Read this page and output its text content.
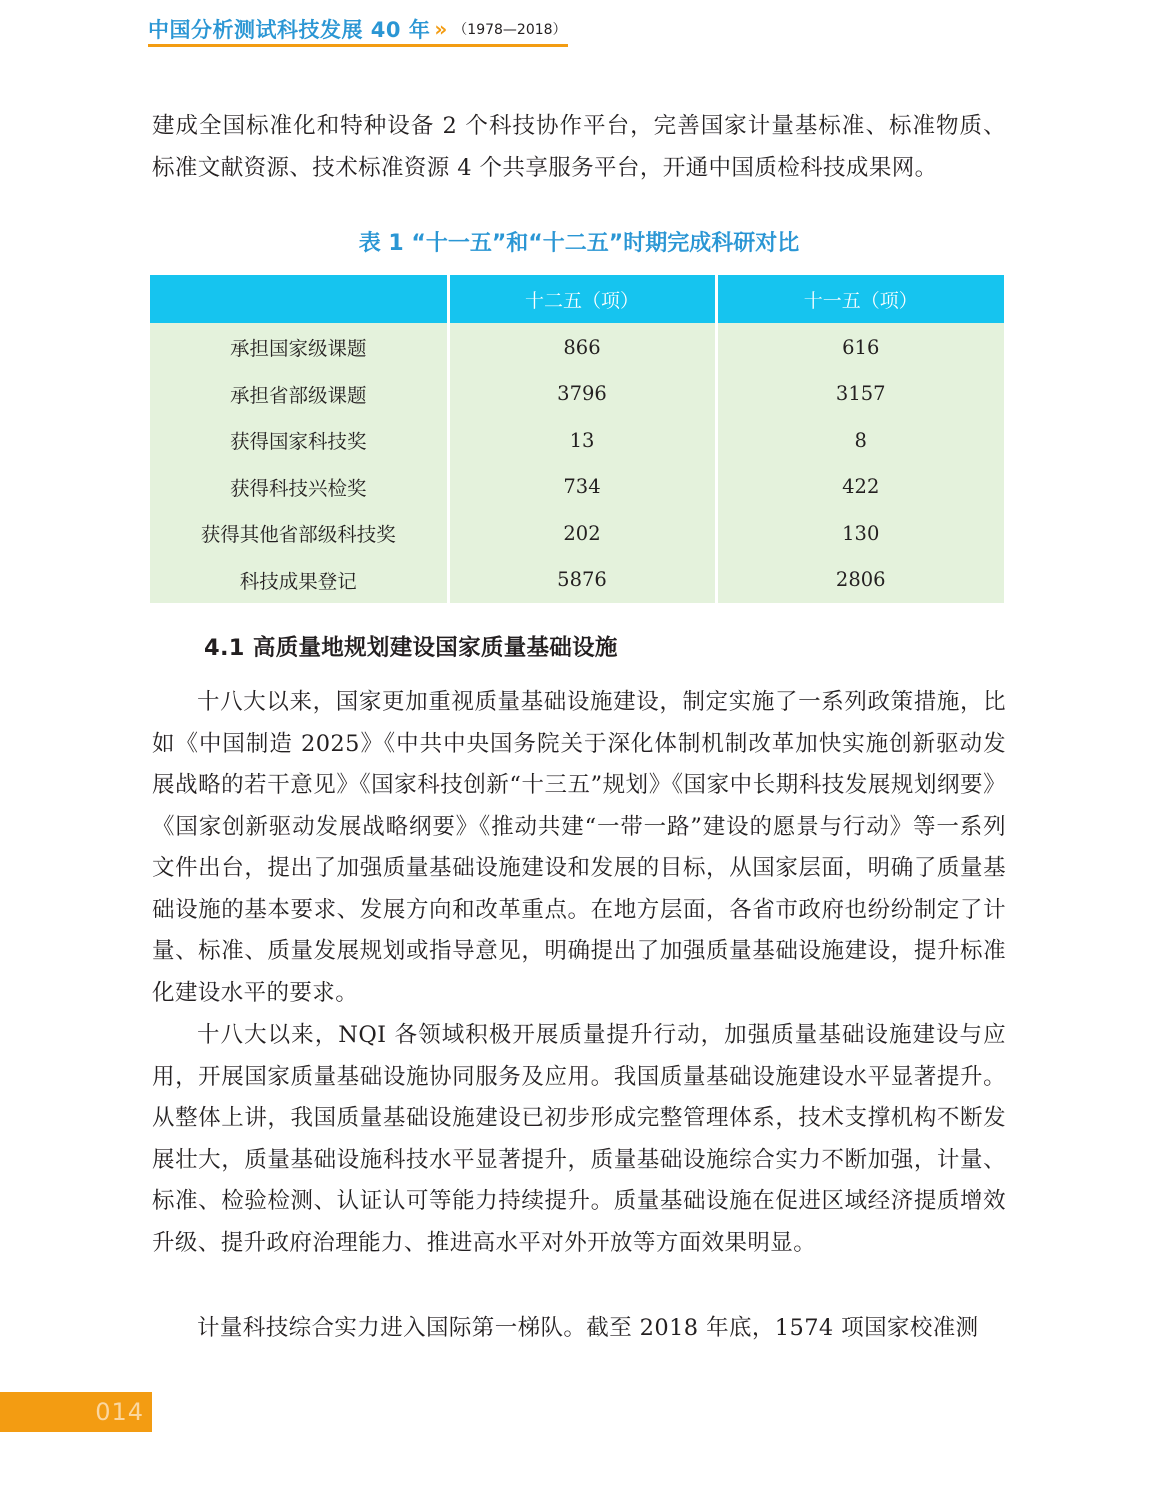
中国分析测试科技发展 40 年 » （1978—2018）

建成全国标准化和特种设备 2 个科技协作平台，完善国家计量基标准、标准物质、标准文献资源、技术标准资源 4 个共享服务平台，开通中国质检科技成果网。

表 1 “十一五”和“十二五”时期完成科研对比
	十二五（项）	十一五（项）
承担国家级课题	866	616
承担省部级课题	3796	3157
获得国家科技奖	13	8
获得科技兴检奖	734	422
获得其他省部级科技奖	202	130
科技成果登记	5876	2806
4.1 高质量地规划建设国家质量基础设施

十八大以来，国家更加重视质量基础设施建设，制定实施了一系列政策措施，比如《中国制造 2025》《中共中央国务院关于深化体制机制改革加快实施创新驱动发展战略的若干意见》《国家科技创新“十三五”规划》《国家中长期科技发展规划纲要》《国家创新驱动发展战略纲要》《推动共建“一带一路”建设的愿景与行动》等一系列文件出台，提出了加强质量基础设施建设和发展的目标，从国家层面，明确了质量基础设施的基本要求、发展方向和改革重点。在地方层面，各省市政府也纷纷制定了计量、标准、质量发展规划或指导意见，明确提出了加强质量基础设施建设，提升标准化建设水平的要求。

十八大以来，NQI 各领域积极开展质量提升行动，加强质量基础设施建设与应用，开展国家质量基础设施协同服务及应用。我国质量基础设施建设水平显著提升。从整体上讲，我国质量基础设施建设已初步形成完整管理体系，技术支撑机构不断发展壮大，质量基础设施科技水平显著提升，质量基础设施综合实力不断加强，计量、标准、检验检测、认证认可等能力持续提升。质量基础设施在促进区域经济提质增效升级、提升政府治理能力、推进高水平对外开放等方面效果明显。

计量科技综合实力进入国际第一梯队。截至 2018 年底，1574 项国家校准测

014
